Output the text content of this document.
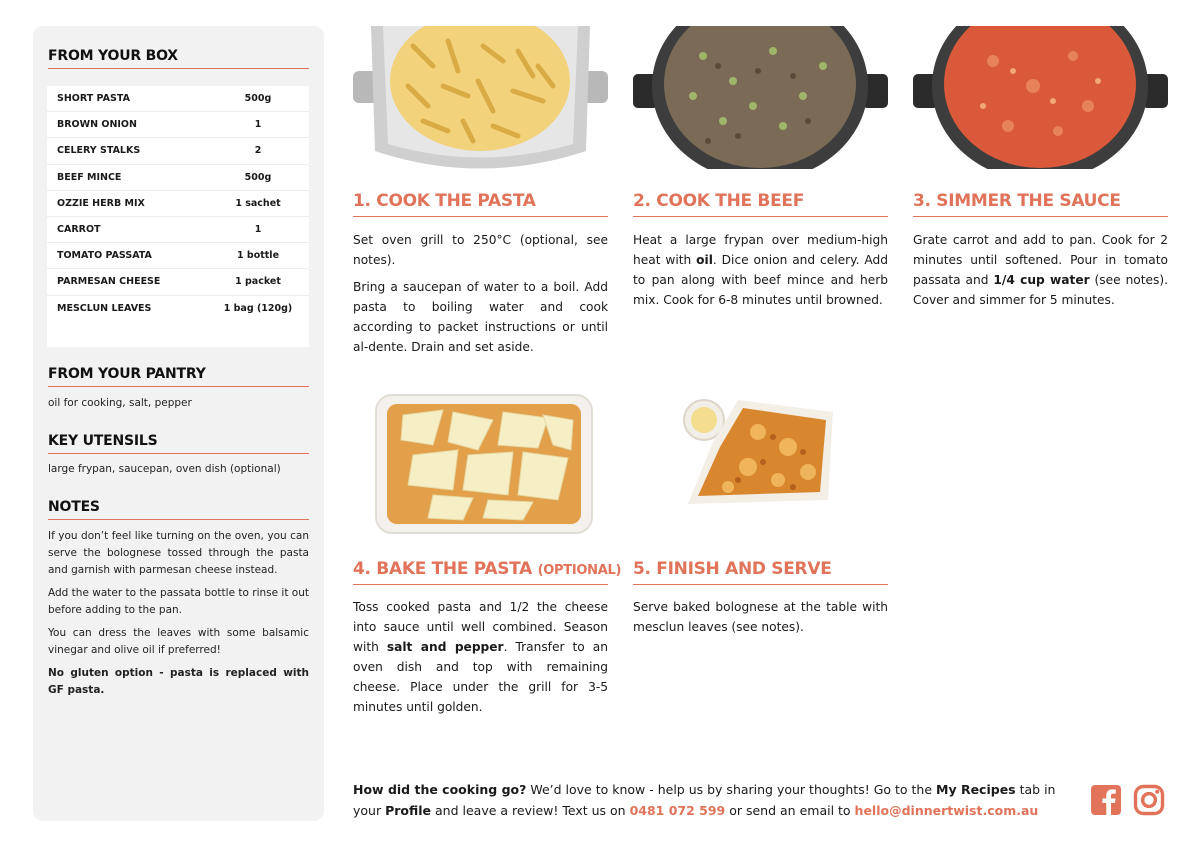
FROM YOUR BOX
SHORT PASTA	500g
BROWN ONION	1
CELERY STALKS	2
BEEF MINCE	500g
OZZIE HERB MIX	1 sachet
CARROT	1
TOMATO PASSATA	1 bottle
PARMESAN CHEESE	1 packet
MESCLUN LEAVES	1 bag (120g)
FROM YOUR PANTRY
oil for cooking, salt, pepper
KEY UTENSILS
large frypan, saucepan, oven dish (optional)
NOTES

If you don’t feel like turning on the oven, you can serve the bolognese tossed through the pasta and garnish with parmesan cheese instead.

Add the water to the passata bottle to rinse it out before adding to the pan.

You can dress the leaves with some balsamic vinegar and olive oil if preferred!

No gluten option - pasta is replaced with GF pasta.

1. COOK THE PASTA

Set oven grill to 250°C (optional, see notes).

Bring a saucepan of water to a boil. Add pasta to boiling water and cook according to packet instructions or until al-dente. Drain and set aside.

2. COOK THE BEEF

Heat a large frypan over medium-high heat with oil. Dice onion and celery. Add to pan along with beef mince and herb mix. Cook for 6-8 minutes until browned.

3. SIMMER THE SAUCE

Grate carrot and add to pan. Cook for 2 minutes until softened. Pour in tomato passata and 1/4 cup water (see notes). Cover and simmer for 5 minutes.

4. BAKE THE PASTA (OPTIONAL)

Toss cooked pasta and 1/2 the cheese into sauce until well combined. Season with salt and pepper. Transfer to an oven dish and top with remaining cheese. Place under the grill for 3-5 minutes until golden.

5. FINISH AND SERVE

Serve baked bolognese at the table with mesclun leaves (see notes).

How did the cooking go? We’d love to know - help us by sharing your thoughts! Go to the My Recipes tab in your Profile and leave a review! Text us on 0481 072 599 or send an email to hello@dinnertwist.com.au
